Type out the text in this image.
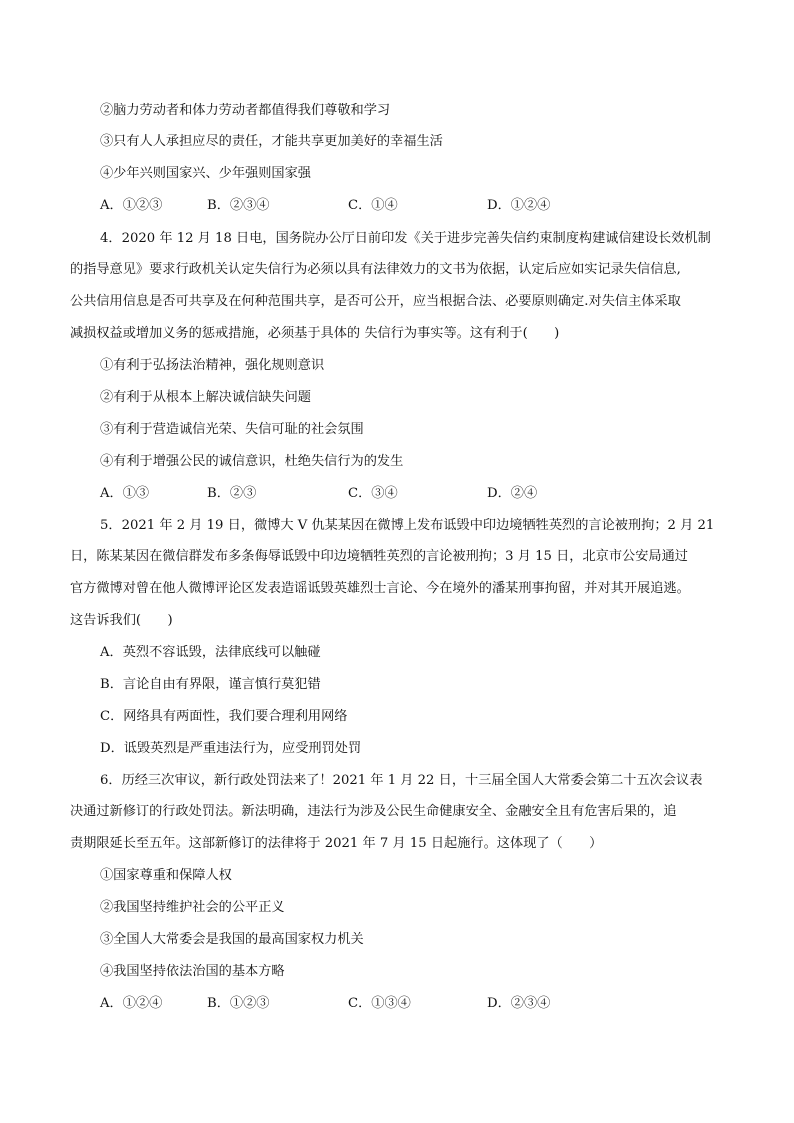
②脑力劳动者和体力劳动者都值得我们尊敬和学习
③只有人人承担应尽的责任，才能共享更加美好的幸福生活
④少年兴则国家兴、少年强则国家强
A．①②③	B．②③④	C．①④	D．①②④
4．2020 年 12 月 18 日电，国务院办公厅日前印发《关于进步完善失信约束制度构建诚信建设长效机制
的指导意见》要求行政机关认定失信行为必须以具有法律效力的文书为依据，认定后应如实记录失信信息,
公共信用信息是否可共享及在何种范围共享，是否可公开，应当根据合法、必要原则确定.对失信主体采取
减损权益或增加义务的惩戒措施，必须基于具体的 失信行为事实等。这有利于(　　)
①有利于弘扬法治精神，强化规则意识
②有利于从根本上解决诚信缺失问题
③有利于营造诚信光荣、失信可耻的社会氛围
④有利于增强公民的诚信意识，杜绝失信行为的发生
A．①③	B．②③	C．③④	D．②④
5．2021 年 2 月 19 日，微博大 V 仇某某因在微博上发布诋毁中印边境牺牲英烈的言论被刑拘；2 月 21
日，陈某某因在微信群发布多条侮辱诋毁中印边境牺牲英烈的言论被刑拘；3 月 15 日，北京市公安局通过
官方微博对曾在他人微博评论区发表造谣诋毁英雄烈士言论、今在境外的潘某刑事拘留，并对其开展追逃。
这告诉我们(　　)
A．英烈不容诋毁，法律底线可以触碰
B．言论自由有界限，谨言慎行莫犯错
C．网络具有两面性，我们要合理利用网络
D．诋毁英烈是严重违法行为，应受刑罚处罚
6．历经三次审议，新行政处罚法来了！2021 年 1 月 22 日，十三届全国人大常委会第二十五次会议表
决通过新修订的行政处罚法。新法明确，违法行为涉及公民生命健康安全、金融安全且有危害后果的，追
责期限延长至五年。这部新修订的法律将于 2021 年 7 月 15 日起施行。这体现了（　　）
①国家尊重和保障人权
②我国坚持维护社会的公平正义
③全国人大常委会是我国的最高国家权力机关
④我国坚持依法治国的基本方略
A．①②④	B．①②③	C．①③④	D．②③④
